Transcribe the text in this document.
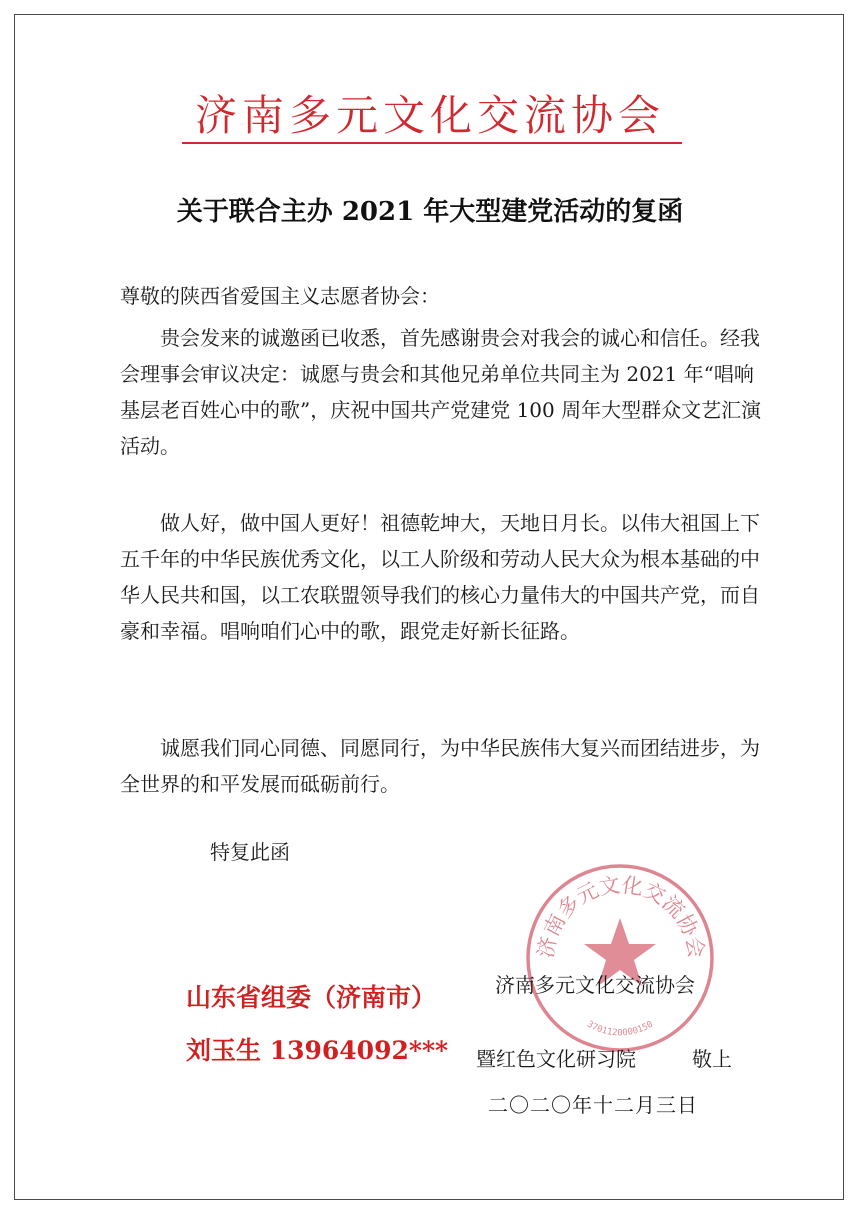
济南多元文化交流协会
关于联合主办 2021 年大型建党活动的复函
尊敬的陕西省爱国主义志愿者协会：
贵会发来的诚邀函已收悉，首先感谢贵会对我会的诚心和信任。经我会理事会审议决定：诚愿与贵会和其他兄弟单位共同主为 2021 年“唱响基层老百姓心中的歌”，庆祝中国共产党建党 100 周年大型群众文艺汇演活动。
做人好，做中国人更好！祖德乾坤大，天地日月长。以伟大祖国上下五千年的中华民族优秀文化，以工人阶级和劳动人民大众为根本基础的中华人民共和国，以工农联盟领导我们的核心力量伟大的中国共产党，而自豪和幸福。唱响咱们心中的歌，跟党走好新长征路。
诚愿我们同心同德、同愿同行，为中华民族伟大复兴而团结进步，为全世界的和平发展而砥砺前行。
特复此函
济南多元文化交流协会
3701120000150
济南多元文化交流协会
暨红色文化研习院	敬上
二〇二〇年十二月三日
山东省组委（济南市）
刘玉生 13964092***
